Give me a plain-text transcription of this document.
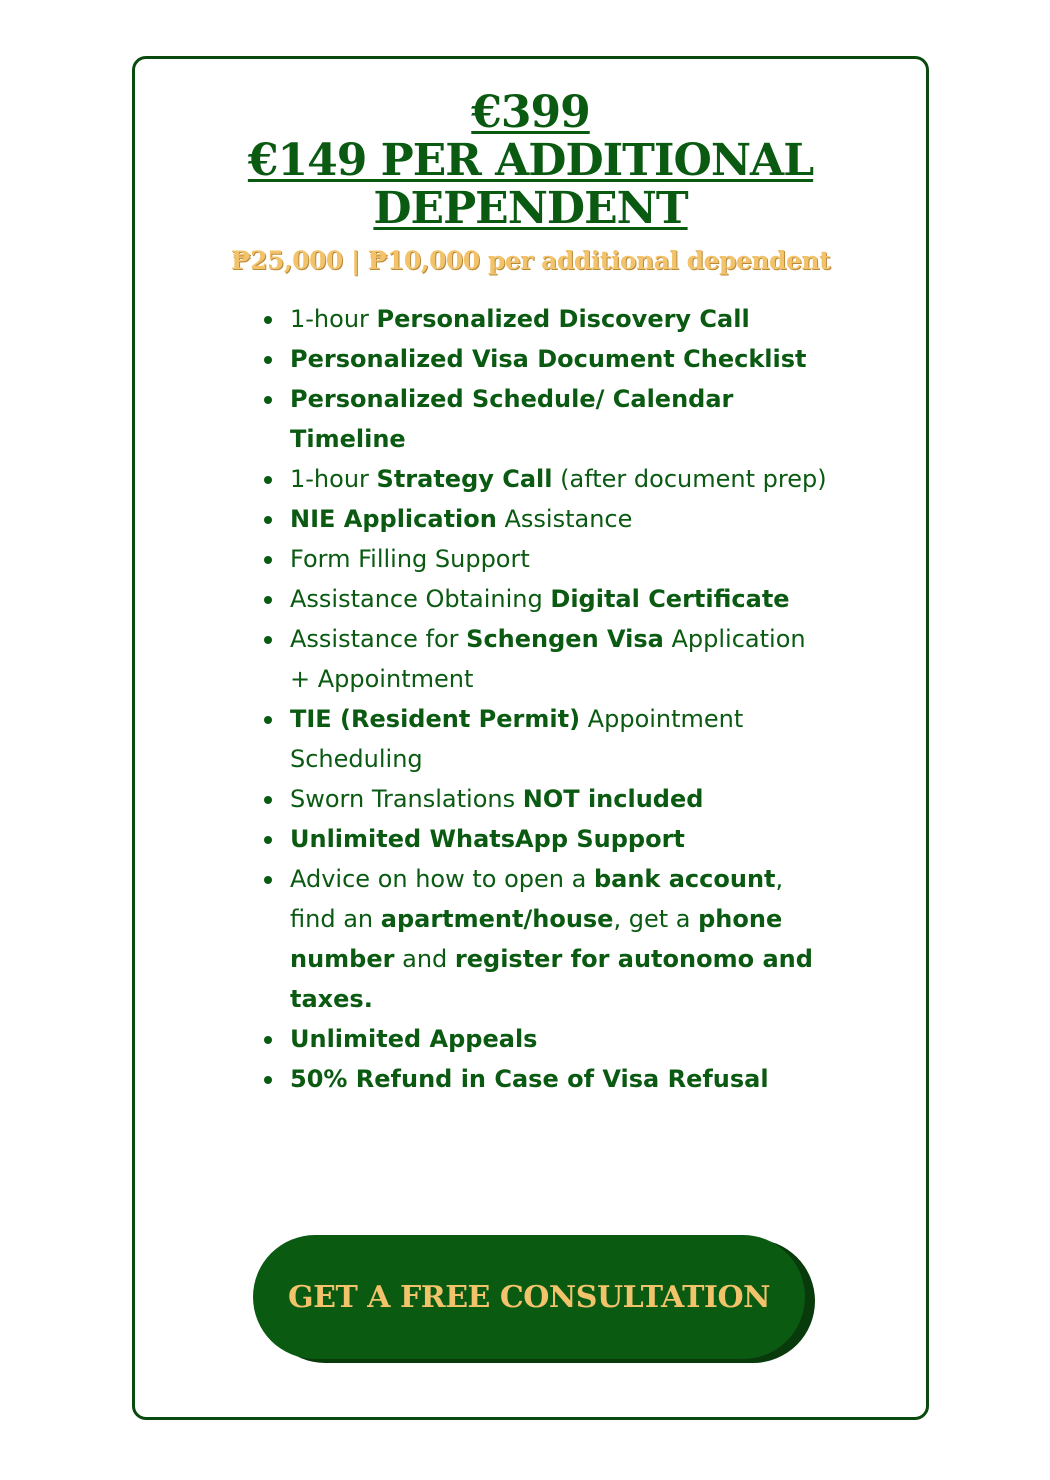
€399
€149 PER ADDITIONAL
DEPENDENT
₱25,000 | ₱10,000 per additional dependent
1-hour Personalized Discovery Call
Personalized Visa Document Checklist
Personalized Schedule/ Calendar Timeline
1-hour Strategy Call (after document prep)
NIE Application Assistance
Form Filling Support
Assistance Obtaining Digital Certificate
Assistance for Schengen Visa Application + Appointment
TIE (Resident Permit) Appointment Scheduling
Sworn Translations NOT included
Unlimited WhatsApp Support
Advice on how to open a bank account, find an apartment/house, get a phone number and register for autonomo and taxes.
Unlimited Appeals
50% Refund in Case of Visa Refusal
GET A FREE CONSULTATION
